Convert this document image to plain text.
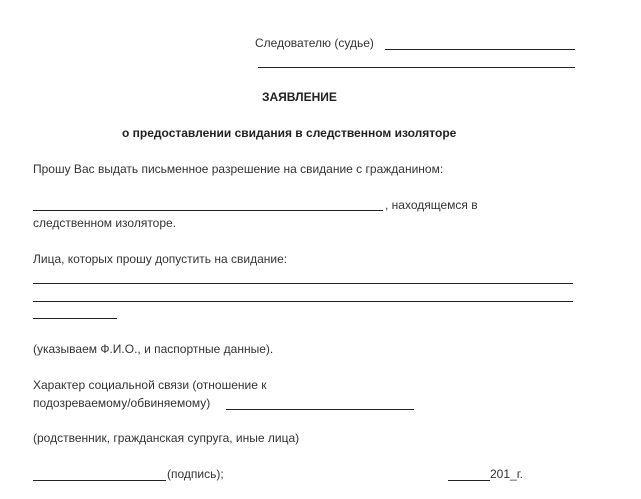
Следователю (судье)
ЗАЯВЛЕНИЕ
о предоставлении свидания в следственном изоляторе
Прошу Вас выдать письменное разрешение на свидание с гражданином:
, находящемся в
следственном изоляторе.
Лица, которых прошу допустить на свидание:
(указываем Ф.И.О., и паспортные данные).
Характер социальной связи (отношение к
подозреваемому/обвиняемому)
(родственник, гражданская супруга, иные лица)
(подпись);	201_г.
